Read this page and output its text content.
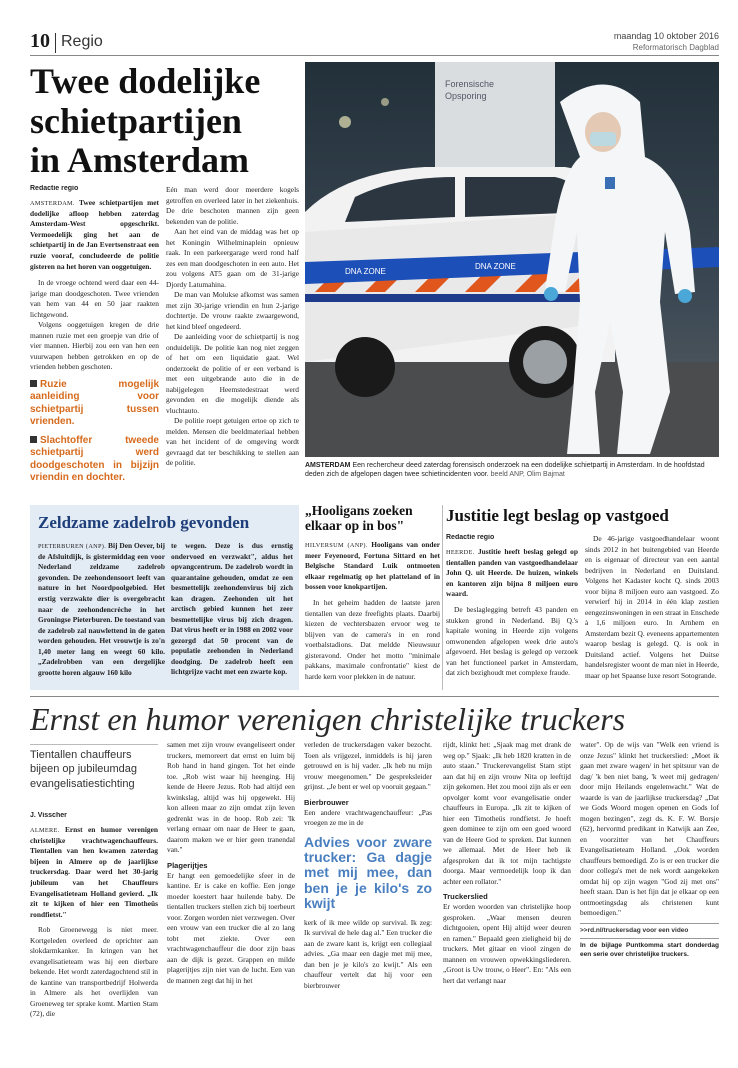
10 Regio	maandag 10 oktober 2016
Reformatorisch Dagblad
Twee dodelijke
schietpartijen
in Amsterdam
Redactie regio

AMSTERDAM. Twee schietpartijen met dodelijke afloop hebben zaterdag Amsterdam-West opgeschrikt. Vermoedelijk ging het aan de schietpartij in de Jan Evertsenstraat een ruzie vooraf, concludeerde de politie gisteren na het horen van ooggetuigen.

In de vroege ochtend werd daar een 44-jarige man doodgeschoten. Twee vrienden van hem van 44 en 50 jaar raakten lichtgewond.

Volgens ooggetuigen kregen de drie mannen ruzie met een groepje van drie of vier mannen. Hierbij zou een van hen een vuurwapen hebben getrokken en op de vrienden hebben geschoten.

Ruzie mogelijk aanleiding voor schietpartij tussen vrienden.
Slachtoffer tweede schietpartij werd doodgeschoten in bijzijn vriendin en dochter.

Eén man werd door meerdere kogels getroffen en overleed later in het ziekenhuis. De drie beschoten mannen zijn geen bekenden van de politie.

Aan het eind van de middag was het op het Koningin Wilhelminaplein opnieuw raak. In een parkeergarage werd rond half zes een man doodgeschoten in een auto. Het zou volgens AT5 gaan om de 31-jarige Djordy Latumahina.

De man van Molukse afkomst was samen met zijn 30-jarige vriendin en hun 2-jarige dochtertje. De vrouw raakte zwaargewond, het kind bleef ongedeerd.

De aanleiding voor de schietpartij is nog onduidelijk. De politie kan nog niet zeggen of het om een liquidatie gaat. Wel onderzoekt de politie of er een verband is met een uitgebrande auto die in de nabijgelegen Heemstedestraat werd gevonden en die mogelijk diende als vluchtauto.

De politie roept getuigen ertoe op zich te melden. Mensen die beeldmateriaal hebben van het incident of de omgeving wordt gevraagd dat ter beschikking te stellen aan de politie.

Forensische
Opsporing
DNA ZONE
DNA ZONE
AMSTERDAM Een rechercheur deed zaterdag forensisch onderzoek na een dodelijke schietpartij in Amsterdam. In de hoofdstad deden zich de afgelopen dagen twee schietincidenten voor. beeld ANP, Olim Bajmat
Zeldzame zadelrob gevonden

PIETERBUREN (ANP). Bij Den Oever, bij de Afsluitdijk, is gistermiddag een voor Nederland zeldzame zadelrob gevonden. De zeehondensoort leeft van nature in het Noordpoolgebied. Het erstig verzwakte dier is overgebracht naar de zeehondencrèche in het Groningse Pieterburen. De toestand van de zadelrob zal nauwlettend in de gaten worden gehouden. Het vrouwtje is zo'n 1,40 meter lang en weegt 60 kilo. „Zadelrobben van een dergelijke grootte horen algauw 160 kilo

te wegen. Deze is dus ernstig ondervoed en verzwakt", aldus het opvangcentrum. De zadelrob wordt in quarantaine gehouden, omdat ze een besmettelijk zeehondenvirus bij zich kan dragen. Zeehonden uit het arctisch gebied kunnen het zeer besmettelijke virus bij zich dragen. Dat virus heeft er in 1988 en 2002 voor gezorgd dat 50 procent van de populatie zeehonden in Nederland doodging. De zadelrob heeft een lichtgrijze vacht met een zwarte kop.

„Hooligans zoeken elkaar op in bos"

HILVERSUM (ANP). Hooligans van onder meer Feyenoord, Fortuna Sittard en het Belgische Standard Luik ontmoeten elkaar regelmatig op het platteland of in bossen voor knokpartijen.

In het geheim hadden de laatste jaren tientallen van deze freefights plaats. Daarbij kiezen de vechtersbazen ervoor weg te blijven van de camera's in en rond voetbalstadions. Dat meldde Nieuwsuur gisteravond. Onder het motto "minimale pakkans, maximale confrontatie" kiest de harde kern voor plekken in de natuur.

Justitie legt beslag op vastgoed
Redactie regio

HEERDE. Justitie heeft beslag gelegd op tientallen panden van vastgoedhandelaar John Q. uit Heerde. De huizen, winkels en kantoren zijn bijna 8 miljoen euro waard.

De beslaglegging betreft 43 panden en stukken grond in Nederland. Bij Q.'s kapitale woning in Heerde zijn volgens omwonenden afgelopen week drie auto's afgevoerd. Het beslag is gelegd op verzoek van het functioneel parket in Amsterdam, dat zich bezighoudt met complexe fraude.

De 46-jarige vastgoedhandelaar woont sinds 2012 in het buitengebied van Heerde en is eigenaar of directeur van een aantal bedrijven in Nederland en Duitsland. Volgens het Kadaster kocht Q. sinds 2003 voor bijna 8 miljoen euro aan vastgoed. Zo verwierf hij in 2014 in één klap zestien eengezinswoningen in een straat in Enschede à 1,6 miljoen euro. In Arnhem en Amsterdam bezit Q. eveneens appartementen waarop beslag is gelegd. Q. is ook in Duitsland actief. Volgens het Duitse handelsregister woont de man niet in Heerde, maar op het Spaanse luxe resort Sotogrande.

Ernst en humor verenigen christelijke truckers
Tientallen chauffeurs bijeen op jubileumdag evangelisatiestichting
J. Visscher

ALMERE. Ernst en humor verenigen christelijke vrachtwagenchauffeurs. Tientallen van hen kwamen zaterdag bijeen in Almere op de jaarlijkse truckersdag. Daar werd het 30-jarig jubileum van het Chauffeurs Evangelisatieteam Holland gevierd. „Ik zit te kijken of hier een Timotheüs rondfietst."

Rob Groenewegg is niet meer. Kortgeleden overleed de oprichter aan slokdarmkanker. In kringen van het evangelisatieteam was hij een dierbare bekende. Het wordt zaterdagochtend stil in de kantine van transportbedrijf Holwerda in Almere als het overlijden van Groeneweg ter sprake komt. Martien Stam (72), die

samen met zijn vrouw evangeliseert onder truckers, memoreert dat ernst en luim bij Rob hand in hand gingen. Tot het einde toe. „Rob wist waar hij heenging. Hij kende de Heere Jezus. Rob had altijd een kwinkslag, altijd was hij opgewekt. Hij kon alleen maar zo zijn omdat zijn leven gedrenkt was in de hoop. Rob zei: 'Ik verlang ernaar om naar de Heer te gaan, daarom maken we er hier geen tranendal van."

Plagerijtjes

Er hangt een gemoedelijke sfeer in de kantine. Er is cake en koffie. Een jonge moeder koestert haar huilende baby. De tientallen truckers stellen zich bij toerbeurt voor. Zorgen worden niet verzwegen. Over een vrouw van een trucker die al zo lang tobt met ziekte. Over een vrachtwagenchauffeur die door zijn baas aan de dijk is gezet. Grappen en milde plagerijtjes zijn niet van de lucht. Een van de mannen zegt dat hij in het

verleden de truckersdagen vaker bezocht. Toen als vrijgezel, inmiddels is hij jaren getrouwd en is hij vader. „Ik heb nu mijn vrouw meegenomen." De gespreksleider grijnst. „Je bent er wel op vooruit gegaan."

Bierbrouwer

Een andere vrachtwagenchauffeur: „Pas vroegen ze me in de

Advies voor zware trucker: Ga dagje met mij mee, dan ben je je kilo's zo kwijt

kerk of ik mee wilde op survival. Ik zeg: Ik survival de hele dag al." Een trucker die aan de zware kant is, krijgt een collegiaal advies. „Ga maar een dagje met mij mee, dan ben je je kilo's zo kwijt." Als een chauffeur vertelt dat hij voor een bierbrouwer

rijdt, klinkt het: „Sjaak mag met drank de weg op." Sjaak: „Ik heb 1820 kratten in de auto staan." Truckerevangelist Stam stipt aan dat hij en zijn vrouw Nita op leeftijd zijn gekomen. Het zou mooi zijn als er een opvolger komt voor evangelisatie onder chauffeurs in Europa. „Ik zit te kijken of hier een Timotheüs rondfietst. Je hoeft geen dominee te zijn om een goed woord van de Heere God te spreken. Dat kunnen we allemaal. Met de Heer heb ik afgesproken dat ik tot mijn tachtigste doorga. Maar vermoedelijk loop ik dan achter een rollator."

Truckerslied

Er worden woorden van christelijke hoop gesproken. „Waar mensen deuren dichtgooien, opent Hij altijd weer deuren en ramen." Bepaald geen zieligheid bij de truckers. Met gitaar en viool zingen de mannen en vrouwen opwekkingsliederen. „Groot is Uw trouw, o Heer". En: "Als een hert dat verlangt naar

water". Op de wijs van "Welk een vriend is onze Jezus" klinkt het truckerslied: „Moet ik gaan met zware wagen/ in het spitsuur van de dag/ 'k ben niet bang, 'k weet mij gedragen/ door mijn Heilands engelenwacht." Wat de waarde is van de jaarlijkse truckersdag? „Dat we Gods Woord mogen openen en Gods lof mogen bezingen", zegt ds. K. F. W. Borsje (62), hervormd predikant in Katwijk aan Zee, en voorzitter van het Chauffeurs Evangelisatieteam Holland. „Ook worden chauffeurs bemoedigd. Zo is er een trucker die door collega's met de nek wordt aangekeken omdat hij op zijn wagen "God zij met ons" heeft staan. Dan is het fijn dat je elkaar op een ontmoetingsdag als christenen kunt bemoedigen."

>>rd.nl/truckersdag voor een video
In de bijlage Puntkomma start donderdag een serie over christelijke truckers.
